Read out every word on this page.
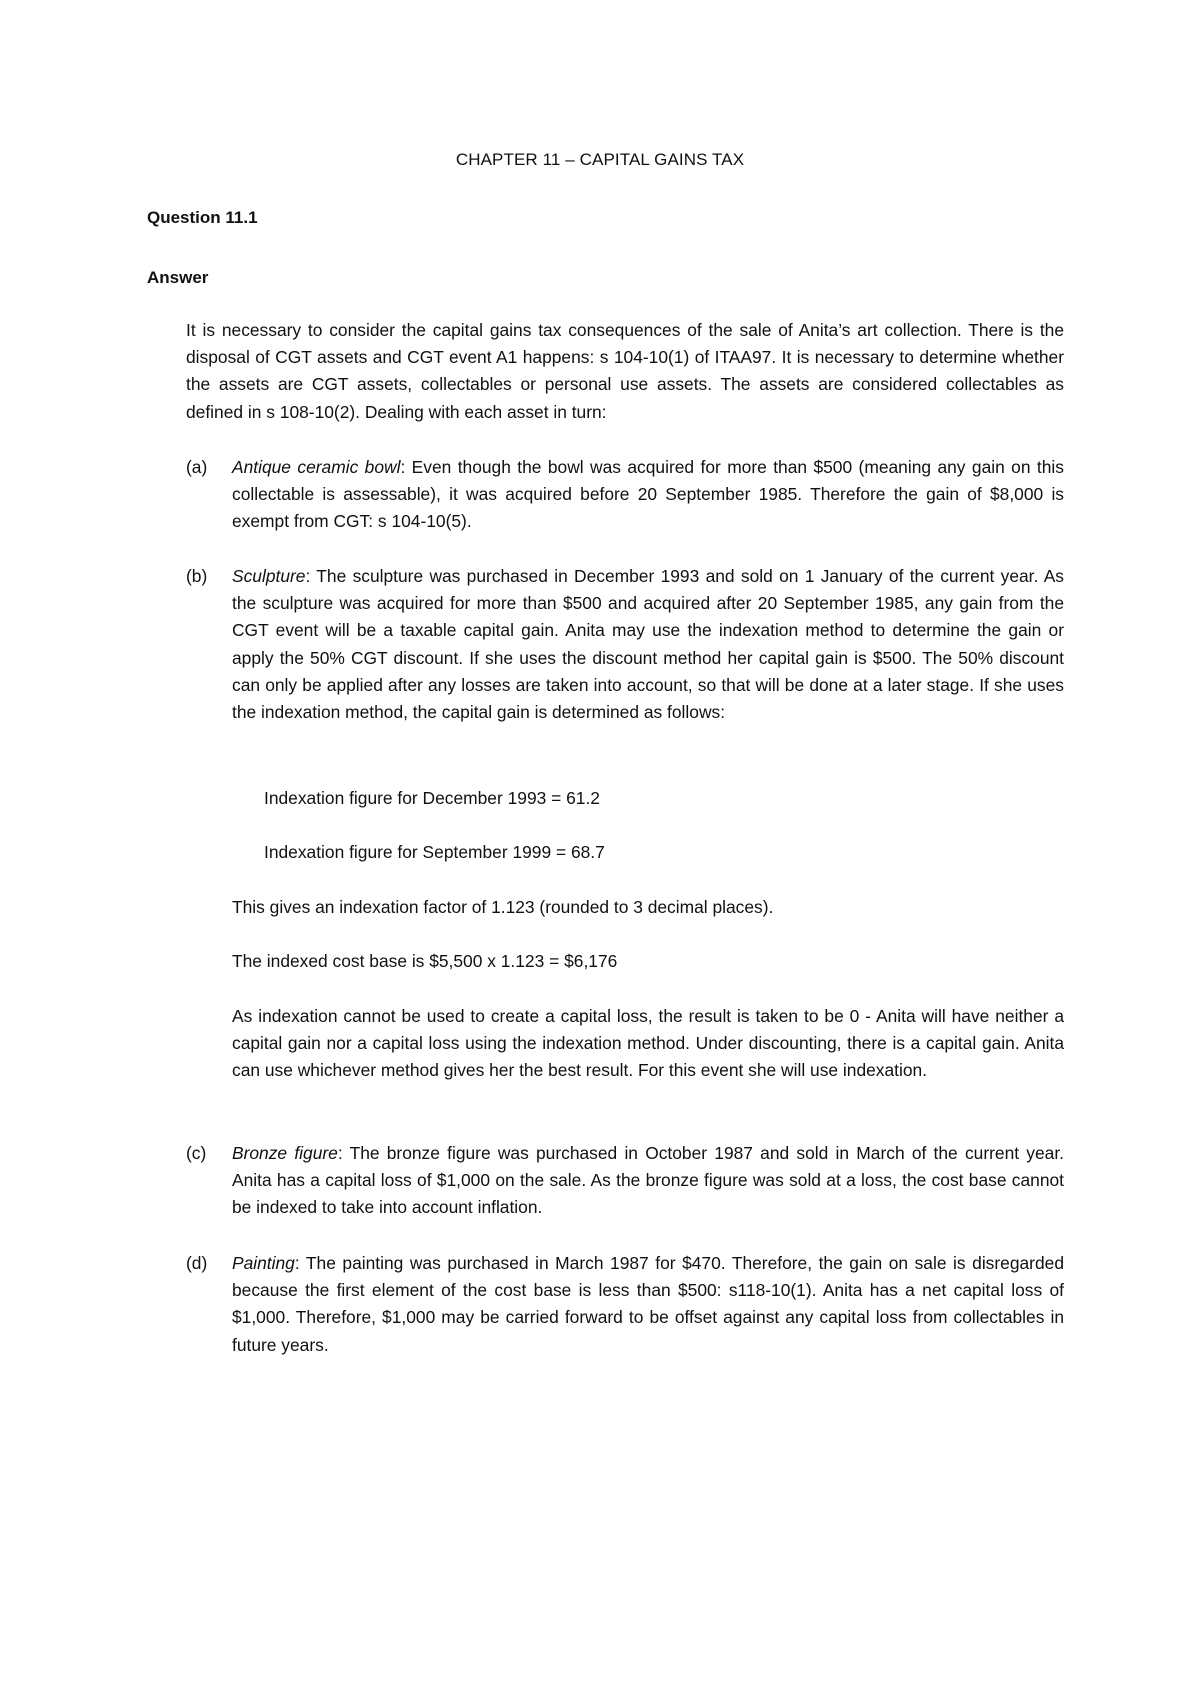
CHAPTER 11 – CAPITAL GAINS TAX
Question 11.1
Answer
It is necessary to consider the capital gains tax consequences of the sale of Anita’s art collection. There is the disposal of CGT assets and CGT event A1 happens: s 104-10(1) of ITAA97. It is necessary to determine whether the assets are CGT assets, collectables or personal use assets. The assets are considered collectables as defined in s 108-10(2). Dealing with each asset in turn:
(a)	Antique ceramic bowl: Even though the bowl was acquired for more than $500 (meaning any gain on this collectable is assessable), it was acquired before 20 September 1985. Therefore the gain of $8,000 is exempt from CGT: s 104-10(5).
(b)	Sculpture: The sculpture was purchased in December 1993 and sold on 1 January of the current year. As the sculpture was acquired for more than $500 and acquired after 20 September 1985, any gain from the CGT event will be a taxable capital gain. Anita may use the indexation method to determine the gain or apply the 50% CGT discount. If she uses the discount method her capital gain is $500. The 50% discount can only be applied after any losses are taken into account, so that will be done at a later stage. If she uses the indexation method, the capital gain is determined as follows:
Indexation figure for December 1993 = 61.2
Indexation figure for September 1999 = 68.7
This gives an indexation factor of 1.123 (rounded to 3 decimal places).
The indexed cost base is $5,500 x 1.123 = $6,176
As indexation cannot be used to create a capital loss, the result is taken to be 0 - Anita will have neither a capital gain nor a capital loss using the indexation method. Under discounting, there is a capital gain. Anita can use whichever method gives her the best result. For this event she will use indexation.
(c)	Bronze figure: The bronze figure was purchased in October 1987 and sold in March of the current year. Anita has a capital loss of $1,000 on the sale. As the bronze figure was sold at a loss, the cost base cannot be indexed to take into account inflation.
(d)	Painting: The painting was purchased in March 1987 for $470. Therefore, the gain on sale is disregarded because the first element of the cost base is less than $500: s118-10(1). Anita has a net capital loss of $1,000. Therefore, $1,000 may be carried forward to be offset against any capital loss from collectables in future years.
